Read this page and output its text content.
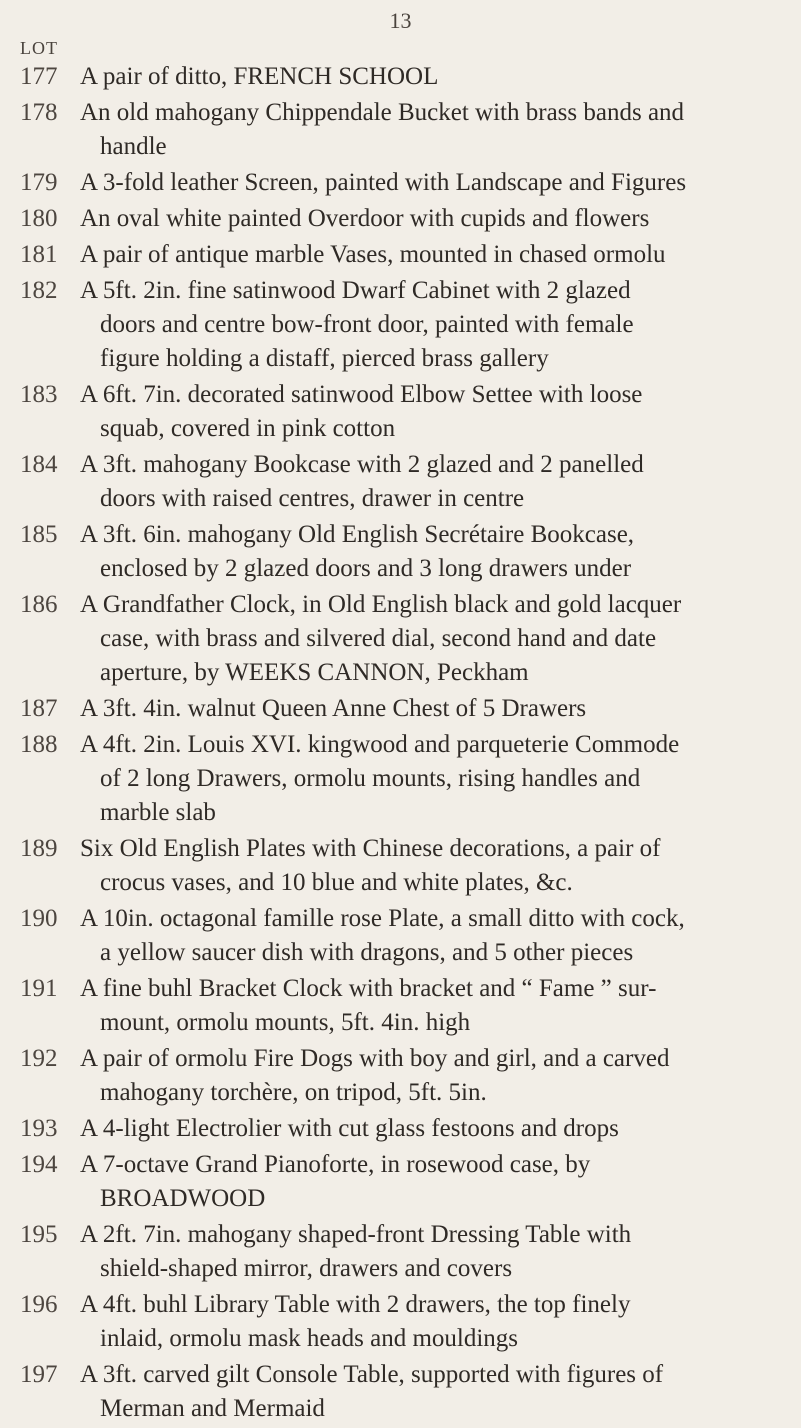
13
LOT
177 A pair of ditto, FRENCH SCHOOL
178 An old mahogany Chippendale Bucket with brass bands and
handle
179 A 3-fold leather Screen, painted with Landscape and Figures
180 An oval white painted Overdoor with cupids and flowers
181 A pair of antique marble Vases, mounted in chased ormolu
182 A 5ft. 2in. fine satinwood Dwarf Cabinet with 2 glazed
doors and centre bow-front door, painted with female
figure holding a distaff, pierced brass gallery
183 A 6ft. 7in. decorated satinwood Elbow Settee with loose
squab, covered in pink cotton
184 A 3ft. mahogany Bookcase with 2 glazed and 2 panelled
doors with raised centres, drawer in centre
185 A 3ft. 6in. mahogany Old English Secrétaire Bookcase,
enclosed by 2 glazed doors and 3 long drawers under
186 A Grandfather Clock, in Old English black and gold lacquer
case, with brass and silvered dial, second hand and date
aperture, by WEEKS CANNON, Peckham
187 A 3ft. 4in. walnut Queen Anne Chest of 5 Drawers
188 A 4ft. 2in. Louis XVI. kingwood and parqueterie Commode
of 2 long Drawers, ormolu mounts, rising handles and
marble slab
189 Six Old English Plates with Chinese decorations, a pair of
crocus vases, and 10 blue and white plates, &c.
190 A 10in. octagonal famille rose Plate, a small ditto with cock,
a yellow saucer dish with dragons, and 5 other pieces
191 A fine buhl Bracket Clock with bracket and “ Fame ” sur-
mount, ormolu mounts, 5ft. 4in. high
192 A pair of ormolu Fire Dogs with boy and girl, and a carved
mahogany torchère, on tripod, 5ft. 5in.
193 A 4-light Electrolier with cut glass festoons and drops
194 A 7-octave Grand Pianoforte, in rosewood case, by
BROADWOOD
195 A 2ft. 7in. mahogany shaped-front Dressing Table with
shield-shaped mirror, drawers and covers
196 A 4ft. buhl Library Table with 2 drawers, the top finely
inlaid, ormolu mask heads and mouldings
197 A 3ft. carved gilt Console Table, supported with figures of
Merman and Mermaid
